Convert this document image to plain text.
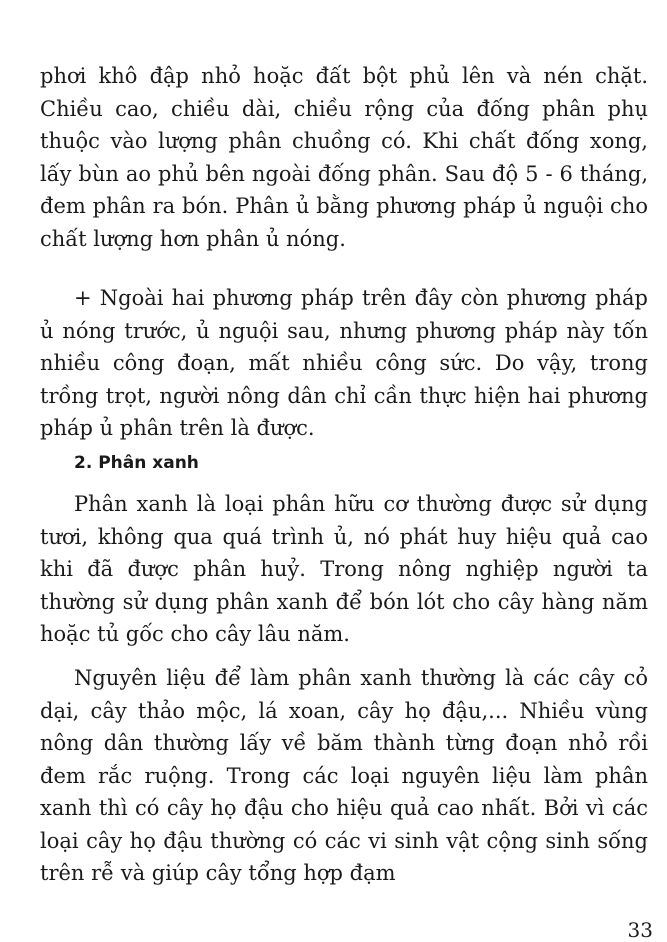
phơi khô đập nhỏ hoặc đất bột phủ lên và nén chặt. Chiều cao, chiều dài, chiều rộng của đống phân phụ thuộc vào lượng phân chuồng có. Khi chất đống xong, lấy bùn ao phủ bên ngoài đống phân. Sau độ 5 - 6 tháng, đem phân ra bón. Phân ủ bằng phương pháp ủ nguội cho chất lượng hơn phân ủ nóng.

+ Ngoài hai phương pháp trên đây còn phương pháp ủ nóng trước, ủ nguội sau, nhưng phương pháp này tốn nhiều công đoạn, mất nhiều công sức. Do vậy, trong trồng trọt, người nông dân chỉ cần thực hiện hai phương pháp ủ phân trên là được.

2. Phân xanh

Phân xanh là loại phân hữu cơ thường được sử dụng tươi, không qua quá trình ủ, nó phát huy hiệu quả cao khi đã được phân huỷ. Trong nông nghiệp người ta thường sử dụng phân xanh để bón lót cho cây hàng năm hoặc tủ gốc cho cây lâu năm.

Nguyên liệu để làm phân xanh thường là các cây cỏ dại, cây thảo mộc, lá xoan, cây họ đậu,... Nhiều vùng nông dân thường lấy về băm thành từng đoạn nhỏ rồi đem rắc ruộng. Trong các loại nguyên liệu làm phân xanh thì có cây họ đậu cho hiệu quả cao nhất. Bởi vì các loại cây họ đậu thường có các vi sinh vật cộng sinh sống trên rễ và giúp cây tổng hợp đạm

33
